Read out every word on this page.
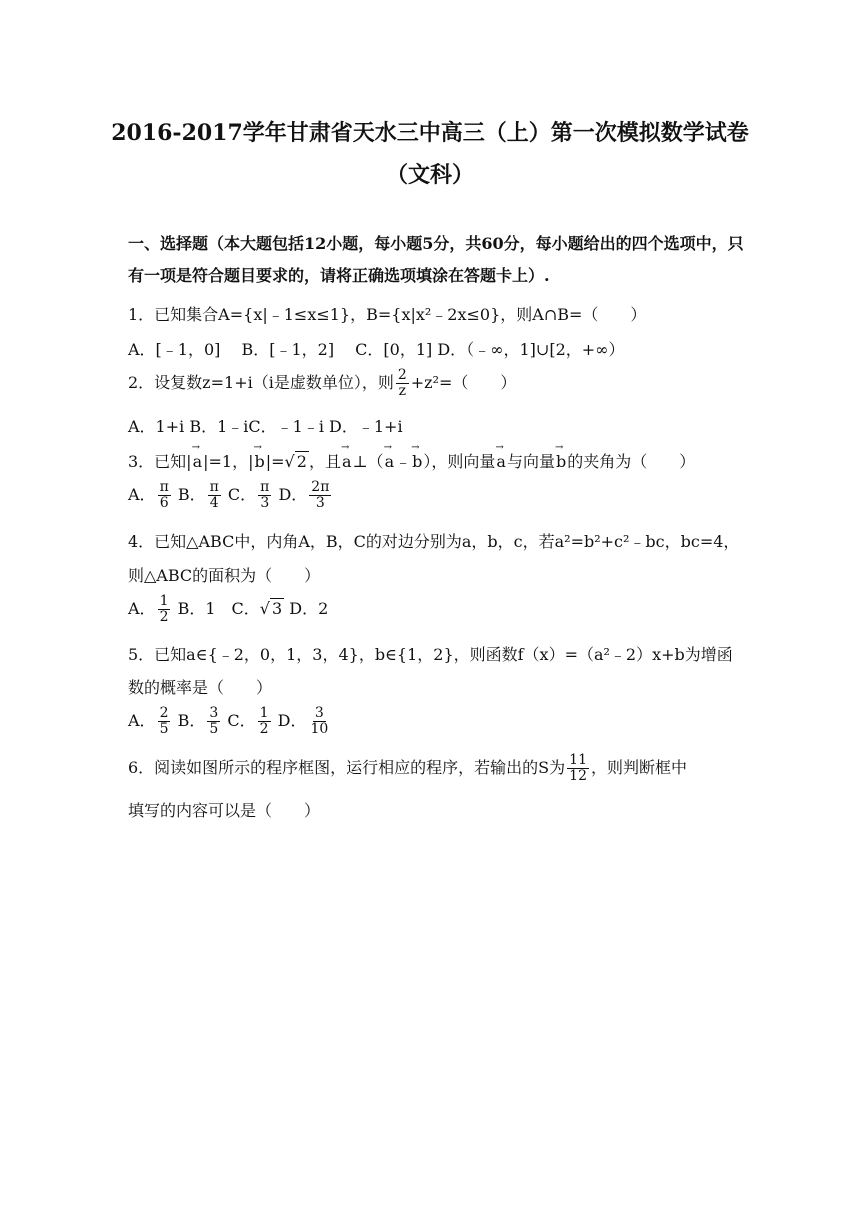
2016-2017学年甘肃省天水三中高三（上）第一次模拟数学试卷
（文科）
一、选择题（本大题包括12小题，每小题5分，共60分，每小题给出的四个选项中，只有一项是符合题目要求的，请将正确选项填涂在答题卡上）.
1．已知集合A={x|﹣1≤x≤1}，B={x|x²﹣2x≤0}，则A∩B=（　　）
A．[﹣1，0]　 B．[﹣1，2]　 C．[0，1] D．（﹣∞，1]∪[2，+∞）
2．设复数z=1+i（i是虚数单位），则 $\frac{2}{z} +z^2=$（　　）
A．1+i B．1﹣iC．﹣1﹣i D．﹣1+i
3．已知|→ a|=1，|→ b|=√ 2 ，且→ a⊥（→ a﹣→ b），则向量→ a与向量→ b的夹角为（　　）
A． $\frac{\pi}{6}$ B． $\frac{\pi}{4}$ C． $\frac{\pi}{3}$ D． $\frac{2\pi}{3}$
4．已知△ABC中，内角A，B，C的对边分别为a，b，c，若a²=b²+c²﹣bc，bc=4，
则△ABC的面积为（　　）
A． $\frac{1}{2}$ B．1　C．√ 3 D．2
5．已知a∈{﹣2，0，1，3，4}，b∈{1，2}，则函数f（x）=（a²﹣2）x+b为增函
数的概率是（　　）
A． $\frac{2}{5}$ B． $\frac{3}{5}$ C． $\frac{1}{2}$ D． $\frac{3}{10}$
6．阅读如图所示的程序框图，运行相应的程序，若输出的S为 $\frac{11}{12}$ ，则判断框中
填写的内容可以是（　　）
